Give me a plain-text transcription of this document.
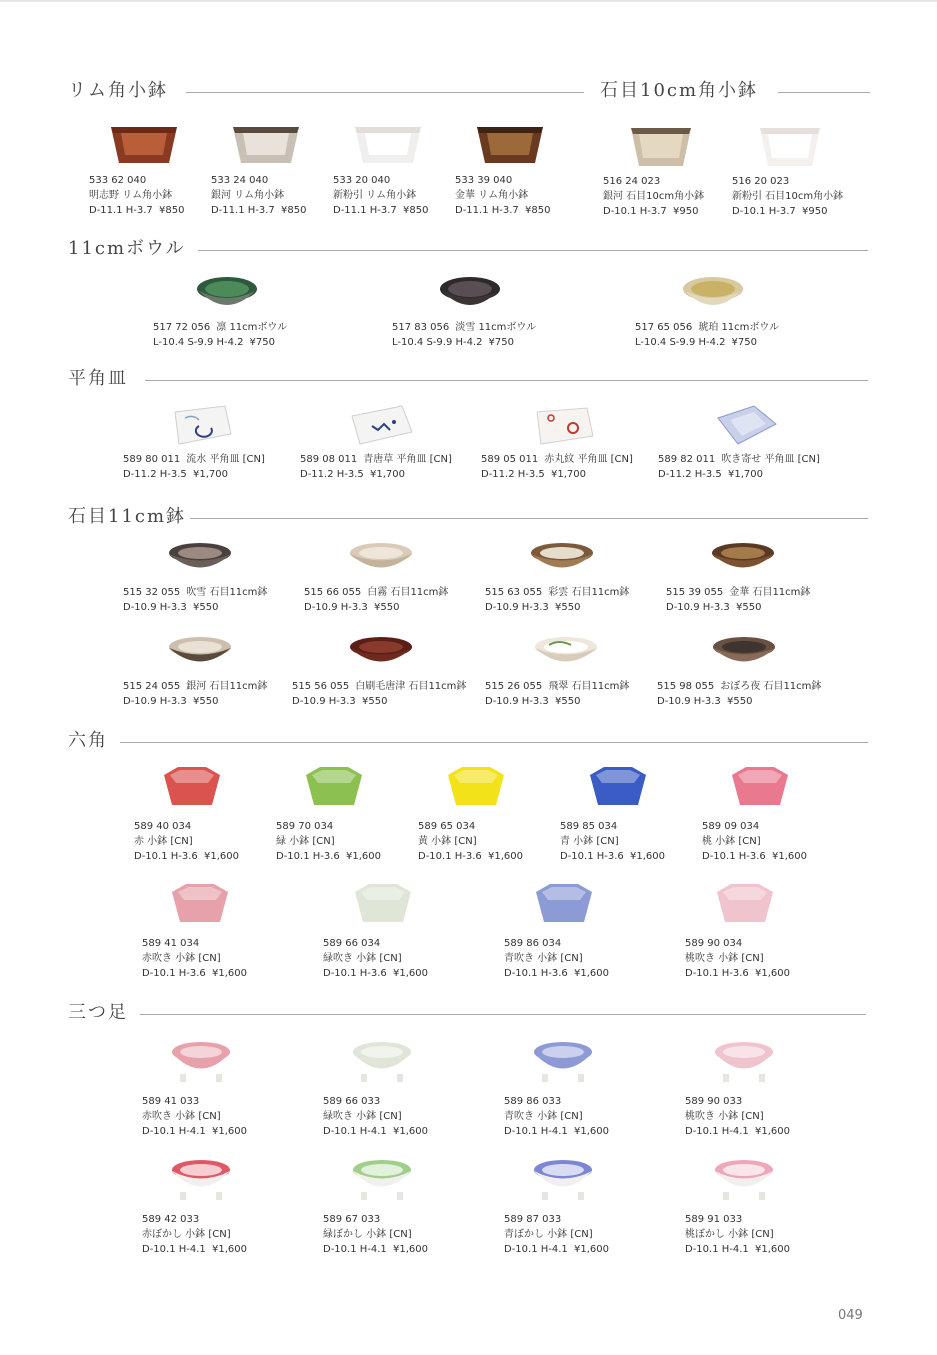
リム角小鉢	石目10cm角小鉢
533 62 040
明志野 リム角小鉢
D-11.1 H-3.7 ¥850
533 24 040
銀河 リム角小鉢
D-11.1 H-3.7 ¥850
533 20 040
新粉引 リム角小鉢
D-11.1 H-3.7 ¥850
533 39 040
金華 リム角小鉢
D-11.1 H-3.7 ¥850
516 24 023
銀河 石目10cm角小鉢
D-10.1 H-3.7 ¥950
516 20 023
新粉引 石目10cm角小鉢
D-10.1 H-3.7 ¥950
11cmボウル
517 72 056 凛 11cmボウル
L-10.4 S-9.9 H-4.2 ¥750
517 83 056 淡雪 11cmボウル
L-10.4 S-9.9 H-4.2 ¥750
517 65 056 琥珀 11cmボウル
L-10.4 S-9.9 H-4.2 ¥750
平角皿
589 80 011 流水 平角皿 [CN]
D-11.2 H-3.5 ¥1,700
589 08 011 青唐草 平角皿 [CN]
D-11.2 H-3.5 ¥1,700
589 05 011 赤丸紋 平角皿 [CN]
D-11.2 H-3.5 ¥1,700
589 82 011 吹き寄せ 平角皿 [CN]
D-11.2 H-3.5 ¥1,700
石目11cm鉢
515 32 055 吹雪 石目11cm鉢
D-10.9 H-3.3 ¥550
515 66 055 白霧 石目11cm鉢
D-10.9 H-3.3 ¥550
515 63 055 彩雲 石目11cm鉢
D-10.9 H-3.3 ¥550
515 39 055 金華 石目11cm鉢
D-10.9 H-3.3 ¥550
515 24 055 銀河 石目11cm鉢
D-10.9 H-3.3 ¥550
515 56 055 白刷毛唐津 石目11cm鉢
D-10.9 H-3.3 ¥550
515 26 055 飛翠 石目11cm鉢
D-10.9 H-3.3 ¥550
515 98 055 おぼろ夜 石目11cm鉢
D-10.9 H-3.3 ¥550
六角
589 40 034
赤 小鉢 [CN]
D-10.1 H-3.6 ¥1,600
589 70 034
緑 小鉢 [CN]
D-10.1 H-3.6 ¥1,600
589 65 034
黄 小鉢 [CN]
D-10.1 H-3.6 ¥1,600
589 85 034
青 小鉢 [CN]
D-10.1 H-3.6 ¥1,600
589 09 034
桃 小鉢 [CN]
D-10.1 H-3.6 ¥1,600
589 41 034
赤吹き 小鉢 [CN]
D-10.1 H-3.6 ¥1,600
589 66 034
緑吹き 小鉢 [CN]
D-10.1 H-3.6 ¥1,600
589 86 034
青吹き 小鉢 [CN]
D-10.1 H-3.6 ¥1,600
589 90 034
桃吹き 小鉢 [CN]
D-10.1 H-3.6 ¥1,600
三つ足
589 41 033
赤吹き 小鉢 [CN]
D-10.1 H-4.1 ¥1,600
589 66 033
緑吹き 小鉢 [CN]
D-10.1 H-4.1 ¥1,600
589 86 033
青吹き 小鉢 [CN]
D-10.1 H-4.1 ¥1,600
589 90 033
桃吹き 小鉢 [CN]
D-10.1 H-4.1 ¥1,600
589 42 033
赤ぼかし 小鉢 [CN]
D-10.1 H-4.1 ¥1,600
589 67 033
緑ぼかし 小鉢 [CN]
D-10.1 H-4.1 ¥1,600
589 87 033
青ぼかし 小鉢 [CN]
D-10.1 H-4.1 ¥1,600
589 91 033
桃ぼかし 小鉢 [CN]
D-10.1 H-4.1 ¥1,600
049
